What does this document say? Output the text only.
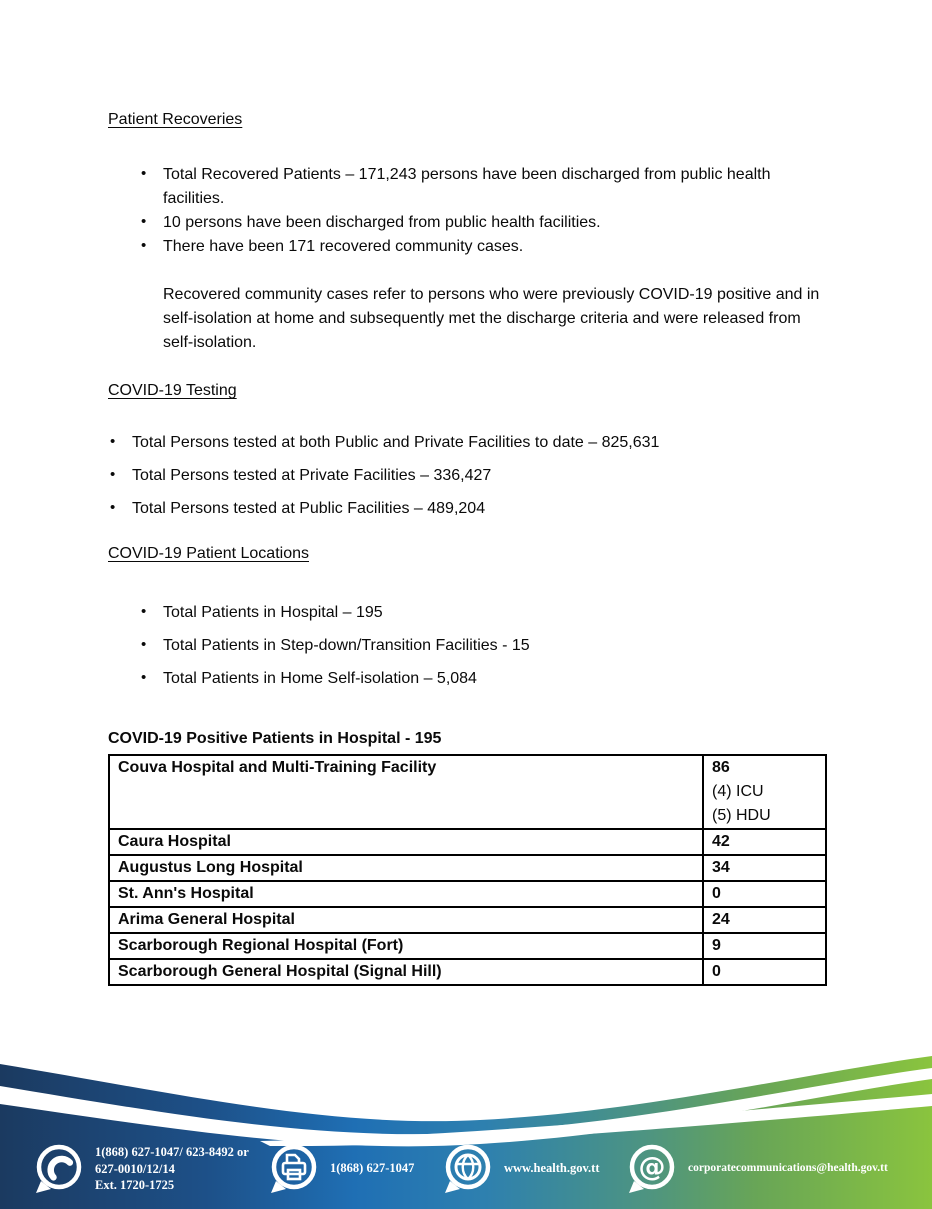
Patient Recoveries
• Total Recovered Patients – 171,243 persons have been discharged from public health facilities.
• 10 persons have been discharged from public health facilities.
• There have been 171 recovered community cases.

Recovered community cases refer to persons who were previously COVID-19 positive and in self-isolation at home and subsequently met the discharge criteria and were released from self-isolation.

COVID-19 Testing
• Total Persons tested at both Public and Private Facilities to date – 825,631
• Total Persons tested at Private Facilities – 336,427
• Total Persons tested at Public Facilities – 489,204
COVID-19 Patient Locations
• Total Patients in Hospital – 195
• Total Patients in Step-down/Transition Facilities - 15
• Total Patients in Home Self-isolation – 5,084

COVID-19 Positive Patients in Hospital - 195

Couva Hospital and Multi-Training Facility	86
(4) ICU
(5) HDU

Caura Hospital	42
Augustus Long Hospital	34
St. Ann's Hospital	0
Arima General Hospital	24
Scarborough Regional Hospital (Fort)	9
Scarborough General Hospital (Signal Hill)	0
1(868) 627-1047/ 623-8492 or
627-0010/12/14
Ext. 1720-1725
1(868) 627-1047	www.health.gov.tt @ corporatecommunications@health.gov.tt
